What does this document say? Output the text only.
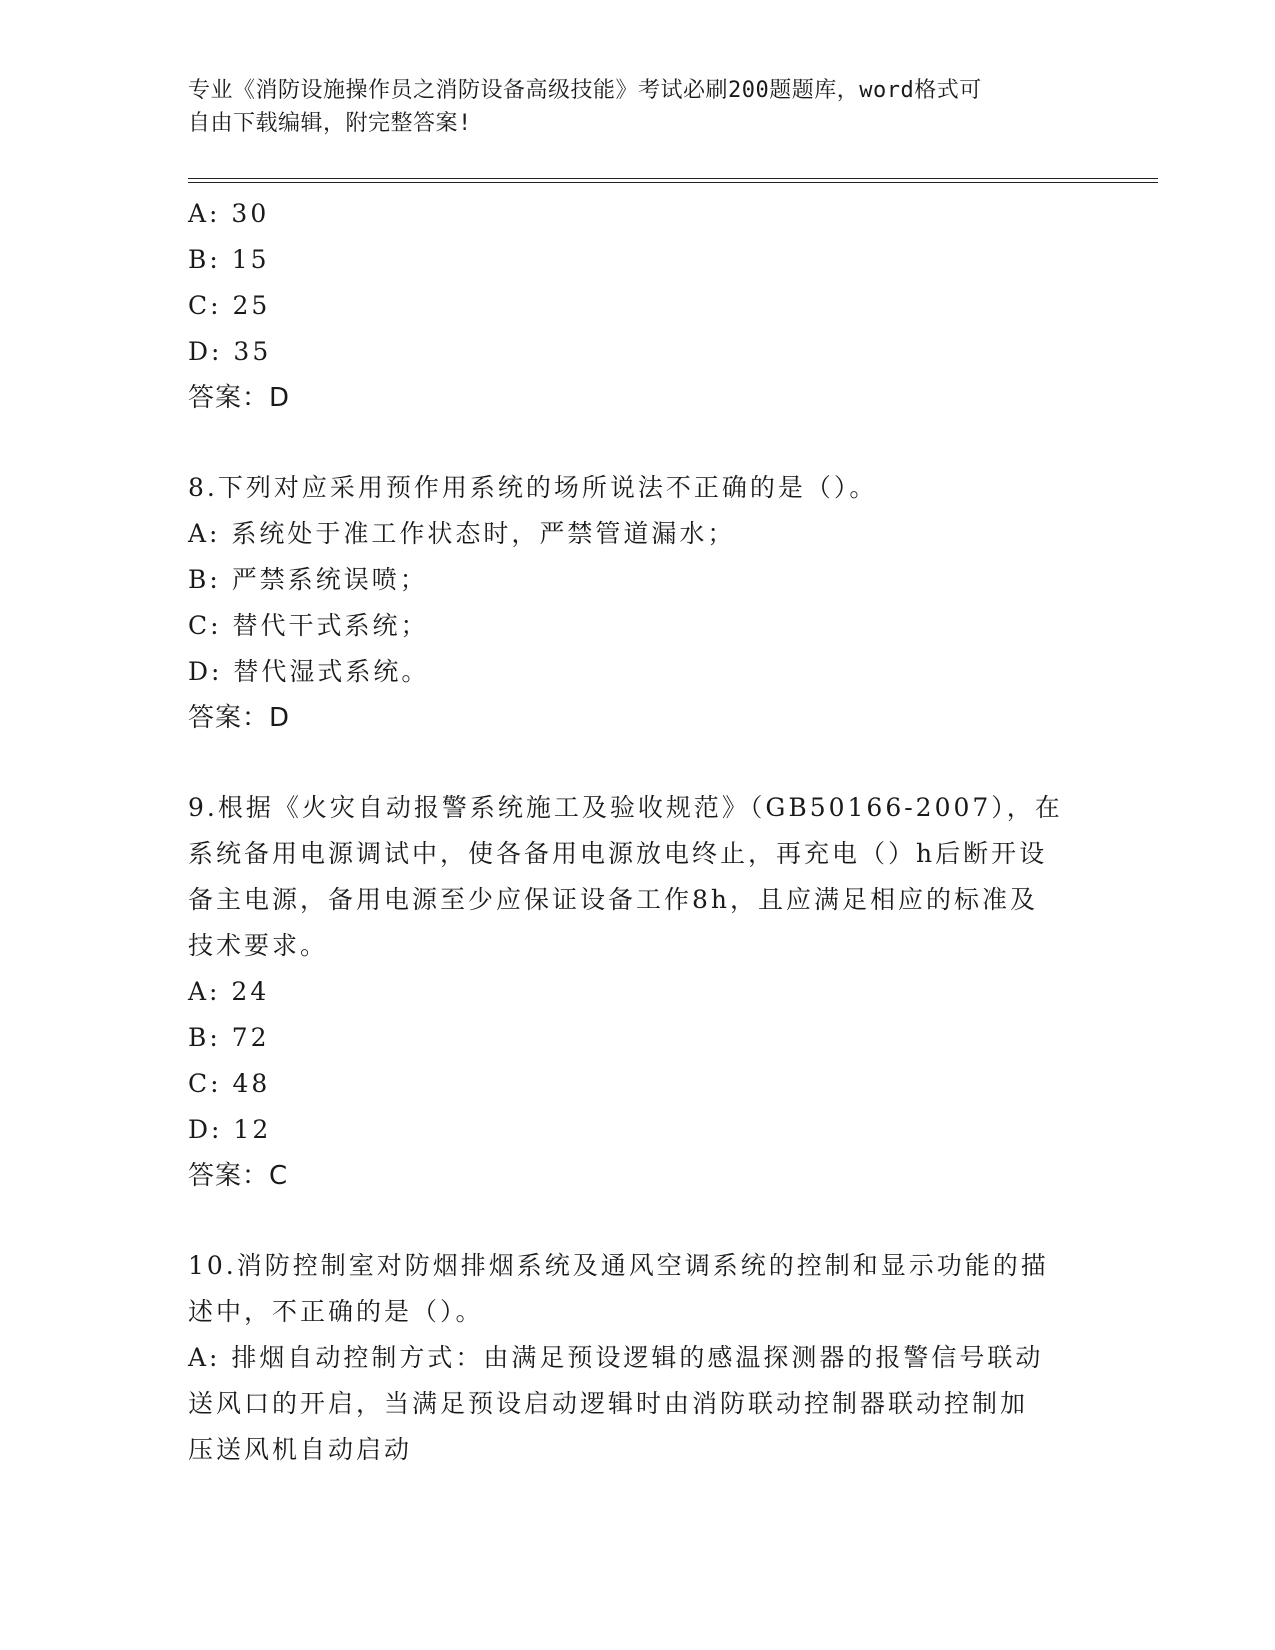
专业《消防设施操作员之消防设备高级技能》考试必刷200题题库，word格式可
自由下载编辑，附完整答案!
A: 30
B: 15
C: 25
D: 35
答案：D
8.下列对应采用预作用系统的场所说法不正确的是（）。
A: 系统处于准工作状态时，严禁管道漏水；
B: 严禁系统误喷；
C: 替代干式系统；
D: 替代湿式系统。
答案：D
9.根据《火灾自动报警系统施工及验收规范》（GB50166-2007），在
系统备用电源调试中，使各备用电源放电终止，再充电（）h后断开设
备主电源，备用电源至少应保证设备工作8h，且应满足相应的标准及
技术要求。
A: 24
B: 72
C: 48
D: 12
答案：C
10.消防控制室对防烟排烟系统及通风空调系统的控制和显示功能的描
述中，不正确的是（）。
A: 排烟自动控制方式：由满足预设逻辑的感温探测器的报警信号联动
送风口的开启，当满足预设启动逻辑时由消防联动控制器联动控制加
压送风机自动启动
